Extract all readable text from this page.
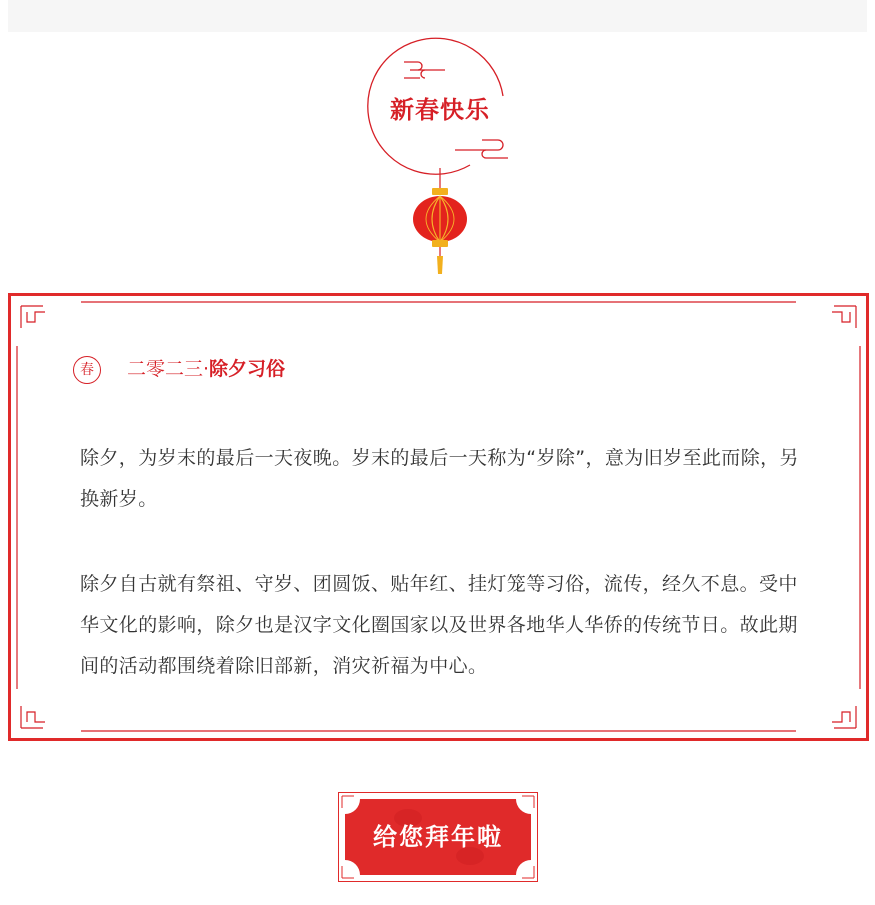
新春快乐
春	二零二三·除夕习俗
除夕，为岁末的最后一天夜晚。岁末的最后一天称为“岁除”，意为旧岁至此而除，另换新岁。
除夕自古就有祭祖、守岁、团圆饭、贴年红、挂灯笼等习俗，流传，经久不息。受中华文化的影响，除夕也是汉字文化圈国家以及世界各地华人华侨的传统节日。故此期间的活动都围绕着除旧部新，消灾祈福为中心。
给您拜年啦
